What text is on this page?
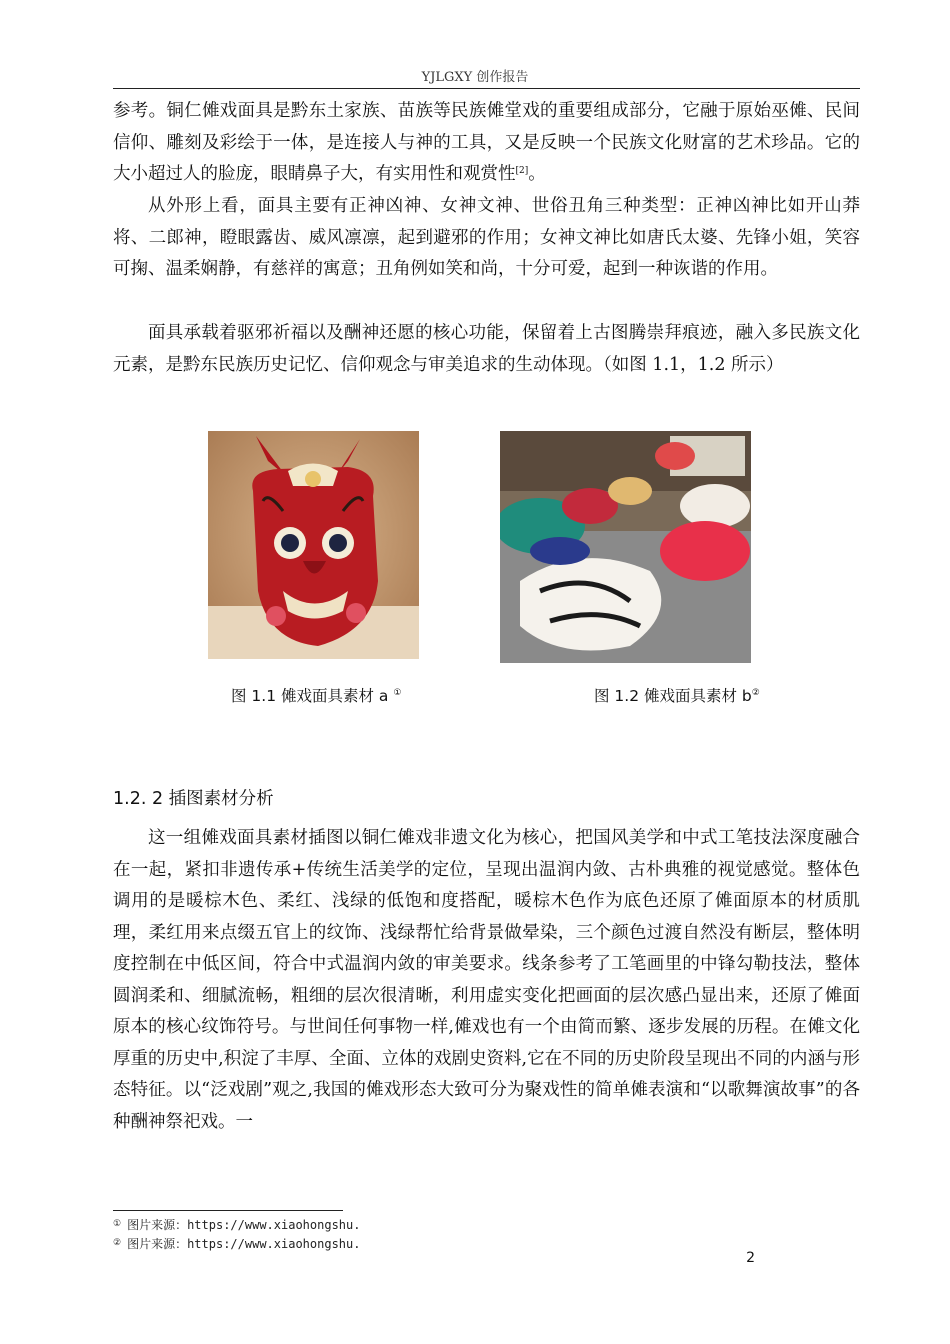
YJLGXY 创作报告

参考。铜仁傩戏面具是黔东土家族、苗族等民族傩堂戏的重要组成部分，它融于原始巫傩、民间信仰、雕刻及彩绘于一体，是连接人与神的工具，又是反映一个民族文化财富的艺术珍品。它的大小超过人的脸庞，眼睛鼻子大，有实用性和观赏性[2]。

从外形上看，面具主要有正神凶神、女神文神、世俗丑角三种类型：正神凶神比如开山莽将、二郎神，瞪眼露齿、威风凛凛，起到避邪的作用；女神文神比如唐氏太婆、先锋小姐，笑容可掬、温柔娴静，有慈祥的寓意；丑角例如笑和尚，十分可爱，起到一种诙谐的作用。

面具承载着驱邪祈福以及酬神还愿的核心功能，保留着上古图腾崇拜痕迹，融入多民族文化元素，是黔东民族历史记忆、信仰观念与审美追求的生动体现。（如图 1.1，1.2 所示）

图 1.1 傩戏面具素材 a ①	图 1.2 傩戏面具素材 b②
1.2. 2 插图素材分析

这一组傩戏面具素材插图以铜仁傩戏非遗文化为核心，把国风美学和中式工笔技法深度融合在一起，紧扣非遗传承+传统生活美学的定位，呈现出温润内敛、古朴典雅的视觉感觉。整体色调用的是暖棕木色、柔红、浅绿的低饱和度搭配，暖棕木色作为底色还原了傩面原本的材质肌理，柔红用来点缀五官上的纹饰、浅绿帮忙给背景做晕染，三个颜色过渡自然没有断层，整体明度控制在中低区间，符合中式温润内敛的审美要求。线条参考了工笔画里的中锋勾勒技法，整体圆润柔和、细腻流畅，粗细的层次很清晰，利用虚实变化把画面的层次感凸显出来，还原了傩面原本的核心纹饰符号。与世间任何事物一样,傩戏也有一个由简而繁、逐步发展的历程。在傩文化厚重的历史中,积淀了丰厚、全面、立体的戏剧史资料,它在不同的历史阶段呈现出不同的内涵与形态特征。以“泛戏剧”观之,我国的傩戏形态大致可分为聚戏性的简单傩表演和“以歌舞演故事”的各种酬神祭祀戏。一

① 图片来源：https://www.xiaohongshu.
② 图片来源：https://www.xiaohongshu.
2
